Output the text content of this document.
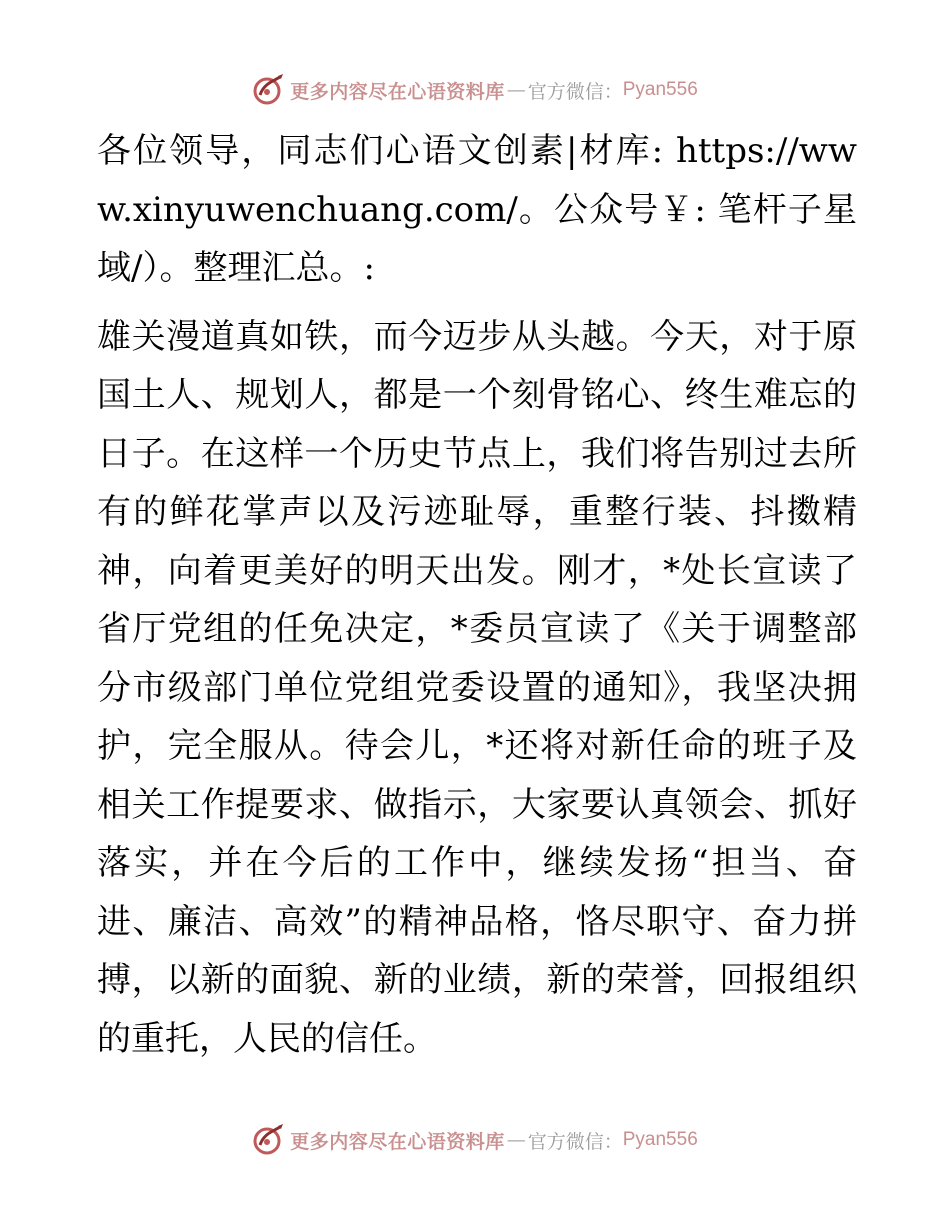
更多内容尽在心语资料库 — 官方微信： Pyan556

各位领导，同志们心语文创素|材库: https://www.xinyuwenchuang.com/。公众号￥: 笔杆子星域/）。整理汇总。:

雄关漫道真如铁，而今迈步从头越。今天，对于原国土人、规划人，都是一个刻骨铭心、终生难忘的日子。在这样一个历史节点上，我们将告别过去所有的鲜花掌声以及污迹耻辱，重整行装、抖擞精神，向着更美好的明天出发。刚才，*处长宣读了省厅党组的任免决定，*委员宣读了《关于调整部分市级部门单位党组党委设置的通知》，我坚决拥护，完全服从。待会儿，*还将对新任命的班子及相关工作提要求、做指示，大家要认真领会、抓好落实，并在今后的工作中，继续发扬“担当、奋进、廉洁、高效”的精神品格，恪尽职守、奋力拼搏，以新的面貌、新的业绩，新的荣誉，回报组织的重托，人民的信任。

更多内容尽在心语资料库 — 官方微信： Pyan556
